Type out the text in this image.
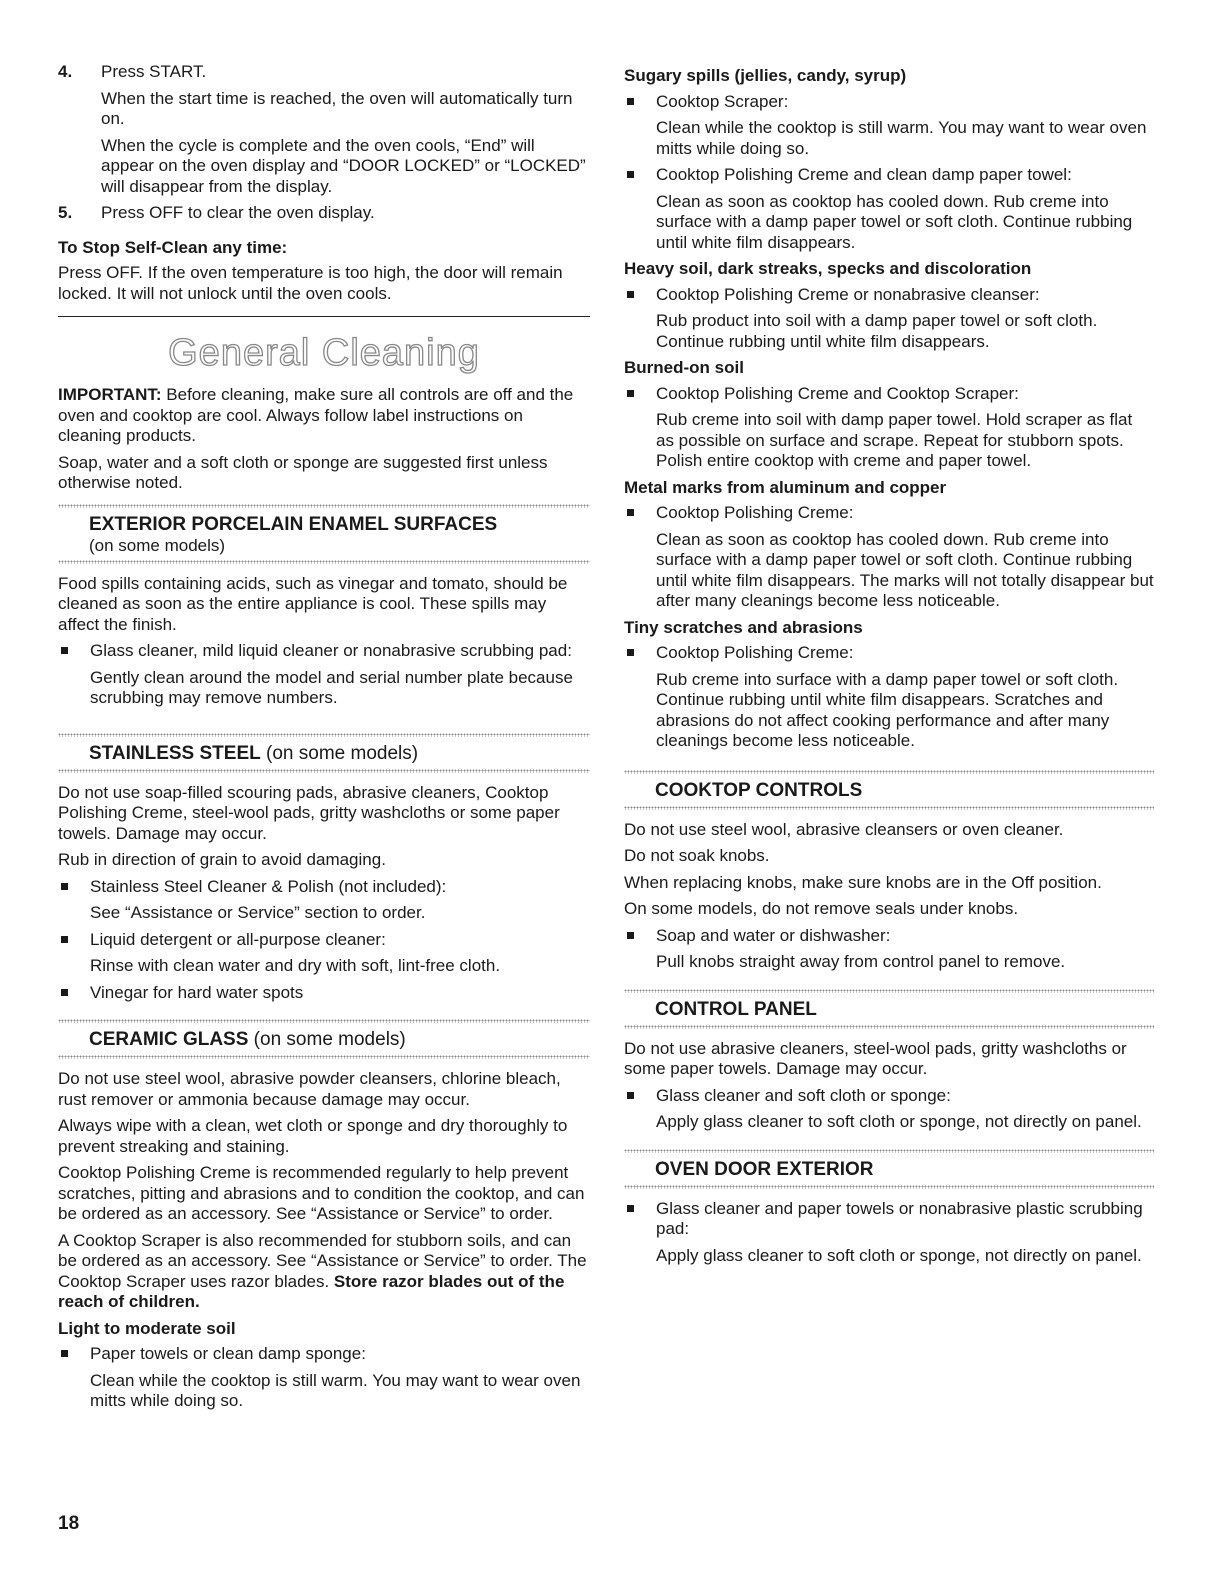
4. Press START.

When the start time is reached, the oven will automatically turn on.

When the cycle is complete and the oven cools, “End” will appear on the oven display and “DOOR LOCKED” or “LOCKED” will disappear from the display.

5. Press OFF to clear the oven display.
To Stop Self-Clean any time:

Press OFF. If the oven temperature is too high, the door will remain locked. It will not unlock until the oven cools.

General Cleaning

IMPORTANT: Before cleaning, make sure all controls are off and the oven and cooktop are cool. Always follow label instructions on cleaning products.

Soap, water and a soft cloth or sponge are suggested first unless otherwise noted.

EXTERIOR PORCELAIN ENAMEL SURFACES
(on some models)

Food spills containing acids, such as vinegar and tomato, should be cleaned as soon as the entire appliance is cool. These spills may affect the finish.

Glass cleaner, mild liquid cleaner or nonabrasive scrubbing pad:

Gently clean around the model and serial number plate because scrubbing may remove numbers.

STAINLESS STEEL (on some models)

Do not use soap-filled scouring pads, abrasive cleaners, Cooktop Polishing Creme, steel-wool pads, gritty washcloths or some paper towels. Damage may occur.

Rub in direction of grain to avoid damaging.

Stainless Steel Cleaner & Polish (not included):

See “Assistance or Service” section to order.

Liquid detergent or all-purpose cleaner:

Rinse with clean water and dry with soft, lint-free cloth.

Vinegar for hard water spots
CERAMIC GLASS (on some models)

Do not use steel wool, abrasive powder cleansers, chlorine bleach, rust remover or ammonia because damage may occur.

Always wipe with a clean, wet cloth or sponge and dry thoroughly to prevent streaking and staining.

Cooktop Polishing Creme is recommended regularly to help prevent scratches, pitting and abrasions and to condition the cooktop, and can be ordered as an accessory. See “Assistance or Service” to order.

A Cooktop Scraper is also recommended for stubborn soils, and can be ordered as an accessory. See “Assistance or Service” to order. The Cooktop Scraper uses razor blades. Store razor blades out of the reach of children.

Light to moderate soil
Paper towels or clean damp sponge:

Clean while the cooktop is still warm. You may want to wear oven mitts while doing so.

Sugary spills (jellies, candy, syrup)
Cooktop Scraper:

Clean while the cooktop is still warm. You may want to wear oven mitts while doing so.

Cooktop Polishing Creme and clean damp paper towel:

Clean as soon as cooktop has cooled down. Rub creme into surface with a damp paper towel or soft cloth. Continue rubbing until white film disappears.

Heavy soil, dark streaks, specks and discoloration
Cooktop Polishing Creme or nonabrasive cleanser:

Rub product into soil with a damp paper towel or soft cloth. Continue rubbing until white film disappears.

Burned-on soil
Cooktop Polishing Creme and Cooktop Scraper:

Rub creme into soil with damp paper towel. Hold scraper as flat as possible on surface and scrape. Repeat for stubborn spots. Polish entire cooktop with creme and paper towel.

Metal marks from aluminum and copper
Cooktop Polishing Creme:

Clean as soon as cooktop has cooled down. Rub creme into surface with a damp paper towel or soft cloth. Continue rubbing until white film disappears. The marks will not totally disappear but after many cleanings become less noticeable.

Tiny scratches and abrasions
Cooktop Polishing Creme:

Rub creme into surface with a damp paper towel or soft cloth. Continue rubbing until white film disappears. Scratches and abrasions do not affect cooking performance and after many cleanings become less noticeable.

COOKTOP CONTROLS

Do not use steel wool, abrasive cleansers or oven cleaner.

Do not soak knobs.

When replacing knobs, make sure knobs are in the Off position.

On some models, do not remove seals under knobs.

Soap and water or dishwasher:

Pull knobs straight away from control panel to remove.

CONTROL PANEL

Do not use abrasive cleaners, steel-wool pads, gritty washcloths or some paper towels. Damage may occur.

Glass cleaner and soft cloth or sponge:

Apply glass cleaner to soft cloth or sponge, not directly on panel.

OVEN DOOR EXTERIOR
Glass cleaner and paper towels or nonabrasive plastic scrubbing pad:

Apply glass cleaner to soft cloth or sponge, not directly on panel.

18
